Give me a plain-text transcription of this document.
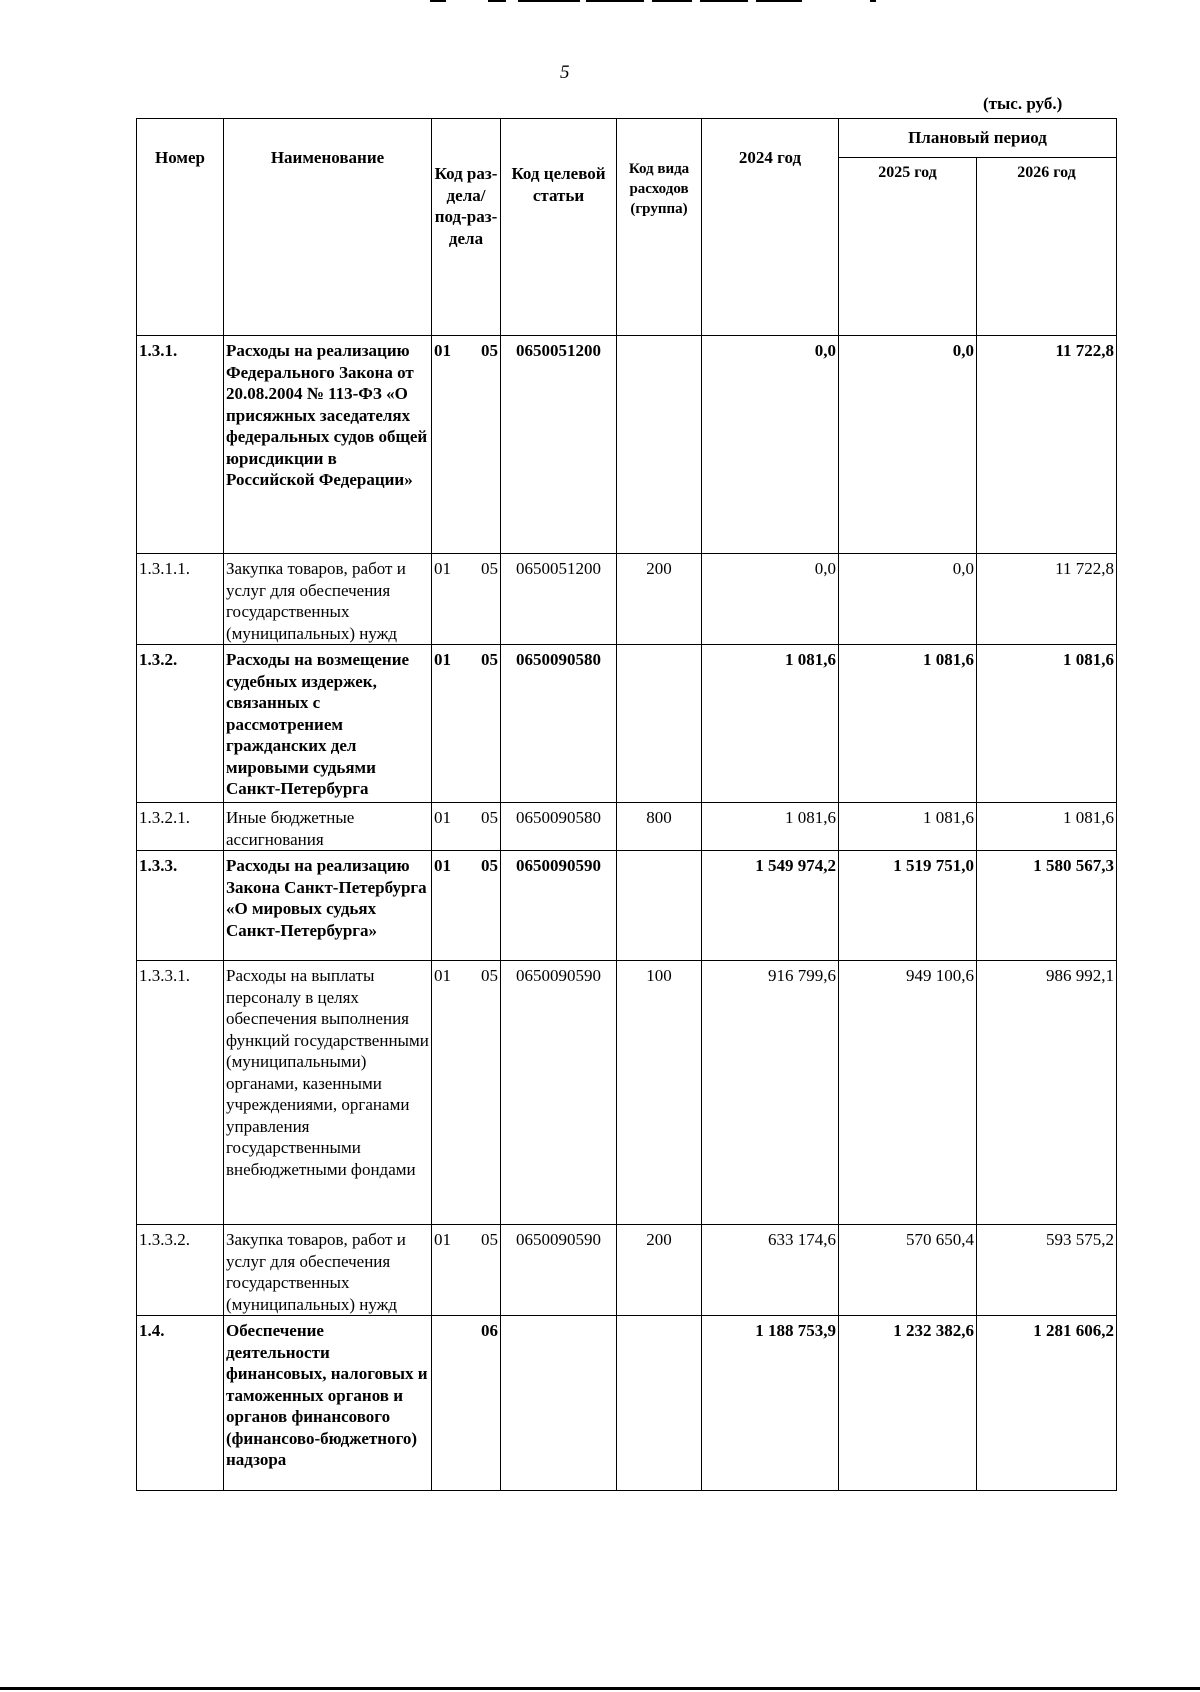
5
(тыс. руб.)
Номер	Наименование	Код раз-дела/ под-раз-дела	Код целевой статьи	Код вида расходов (группа)	2024 год	Плановый период	
						2025 год	2026 год
1.3.1.	Расходы на реализацию Федерального Закона от 20.08.2004 № 113-ФЗ «О присяжных заседателях федеральных судов общей юрисдикции в Российской Федерации»	01 05	0650051200		0,0	0,0	11 722,8
1.3.1.1.	Закупка товаров, работ и услуг для обеспечения государственных (муниципальных) нужд	01 05	0650051200	200	0,0	0,0	11 722,8
1.3.2.	Расходы на возмещение судебных издержек, связанных с рассмотрением гражданских дел мировыми судьями Санкт-Петербурга	01 05	0650090580		1 081,6	1 081,6	1 081,6
1.3.2.1.	Иные бюджетные ассигнования	01 05	0650090580	800	1 081,6	1 081,6	1 081,6
1.3.3.	Расходы на реализацию Закона Санкт-Петербурга «О мировых судьях Санкт-Петербурга»	01 05	0650090590		1 549 974,2	1 519 751,0	1 580 567,3
1.3.3.1.	Расходы на выплаты персоналу в целях обеспечения выполнения функций государственными (муниципальными) органами, казенными учреждениями, органами управления государственными внебюджетными фондами	01 05	0650090590	100	916 799,6	949 100,6	986 992,1
1.3.3.2.	Закупка товаров, работ и услуг для обеспечения государственных (муниципальных) нужд	01 05	0650090590	200	633 174,6	570 650,4	593 575,2
1.4.	Обеспечение деятельности финансовых, налоговых и таможенных органов и органов финансового (финансово-бюджетного) надзора	06			1 188 753,9	1 232 382,6	1 281 606,2
